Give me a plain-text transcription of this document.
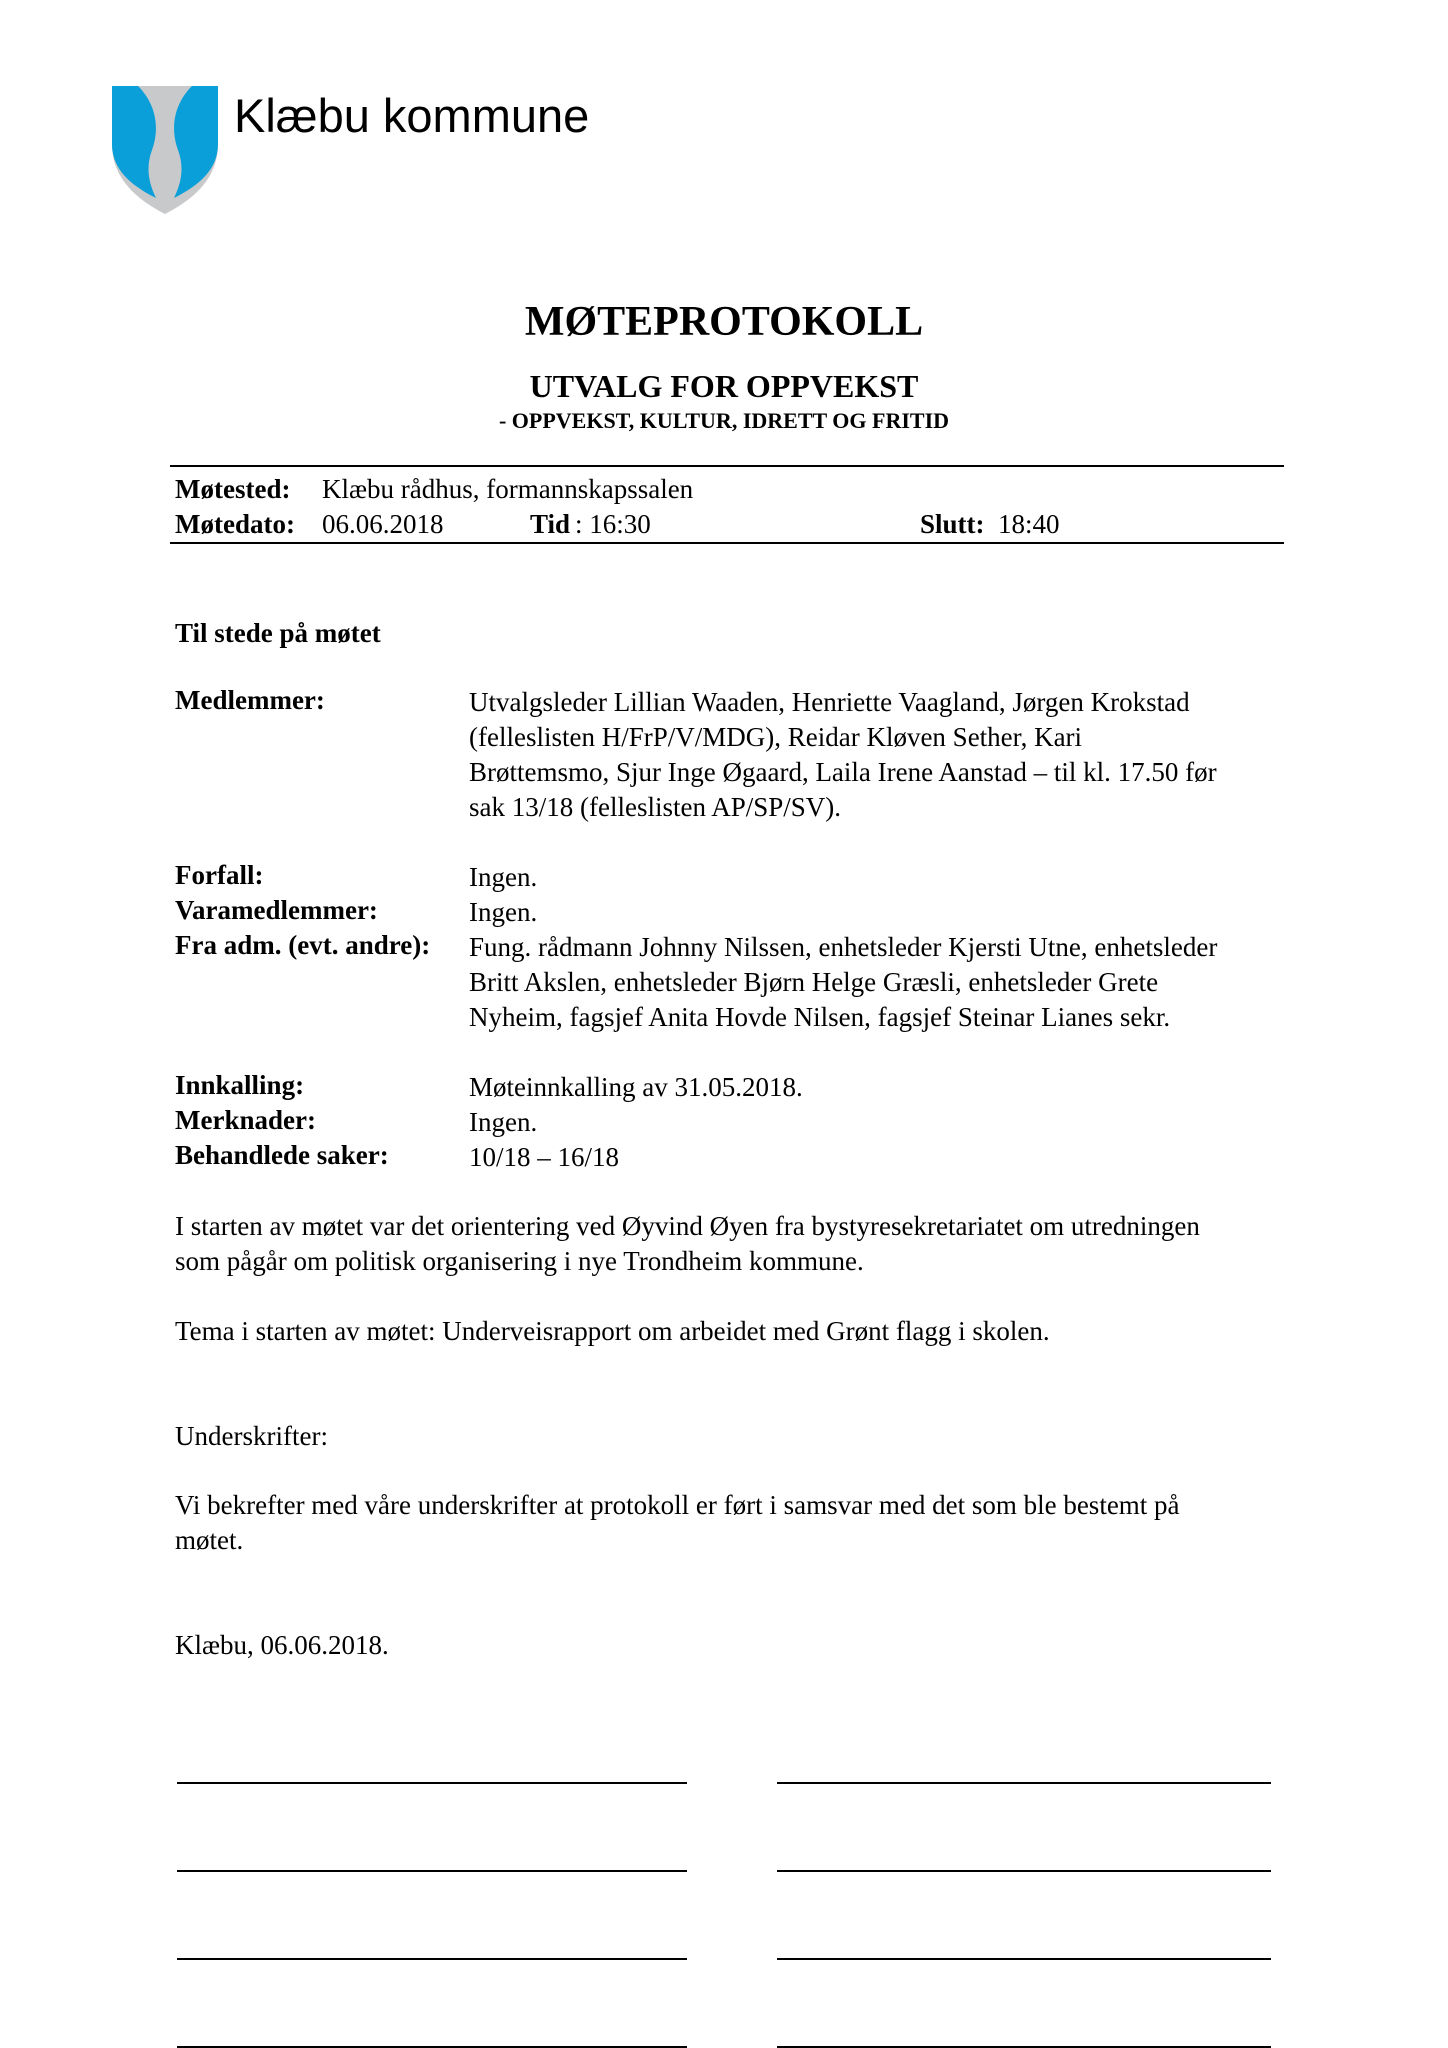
Klæbu kommune
MØTEPROTOKOLL
UTVALG FOR OPPVEKST
- OPPVEKST, KULTUR, IDRETT OG FRITID
Møtested: Klæbu rådhus, formannskapssalen
Møtedato: 06.06.2018	Tid : 16:30	Slutt: 18:40
Til stede på møtet
Medlemmer:	Utvalgsleder Lillian Waaden, Henriette Vaagland, Jørgen Krokstad
(felleslisten H/FrP/V/MDG), Reidar Kløven Sether, Kari
Brøttemsmo, Sjur Inge Øgaard, Laila Irene Aanstad – til kl. 17.50 før
sak 13/18 (felleslisten AP/SP/SV).
Forfall:	Ingen.
Varamedlemmer:	Ingen.
Fra adm. (evt. andre): Fung. rådmann Johnny Nilssen, enhetsleder Kjersti Utne, enhetsleder
Britt Akslen, enhetsleder Bjørn Helge Græsli, enhetsleder Grete
Nyheim, fagsjef Anita Hovde Nilsen, fagsjef Steinar Lianes sekr.
Innkalling:	Møteinnkalling av 31.05.2018.
Merknader:	Ingen.
Behandlede saker:	10/18 – 16/18
I starten av møtet var det orientering ved Øyvind Øyen fra bystyresekretariatet om utredningen
som pågår om politisk organisering i nye Trondheim kommune.
Tema i starten av møtet: Underveisrapport om arbeidet med Grønt flagg i skolen.
Underskrifter:
Vi bekrefter med våre underskrifter at protokoll er ført i samsvar med det som ble bestemt på
møtet.
Klæbu, 06.06.2018.
